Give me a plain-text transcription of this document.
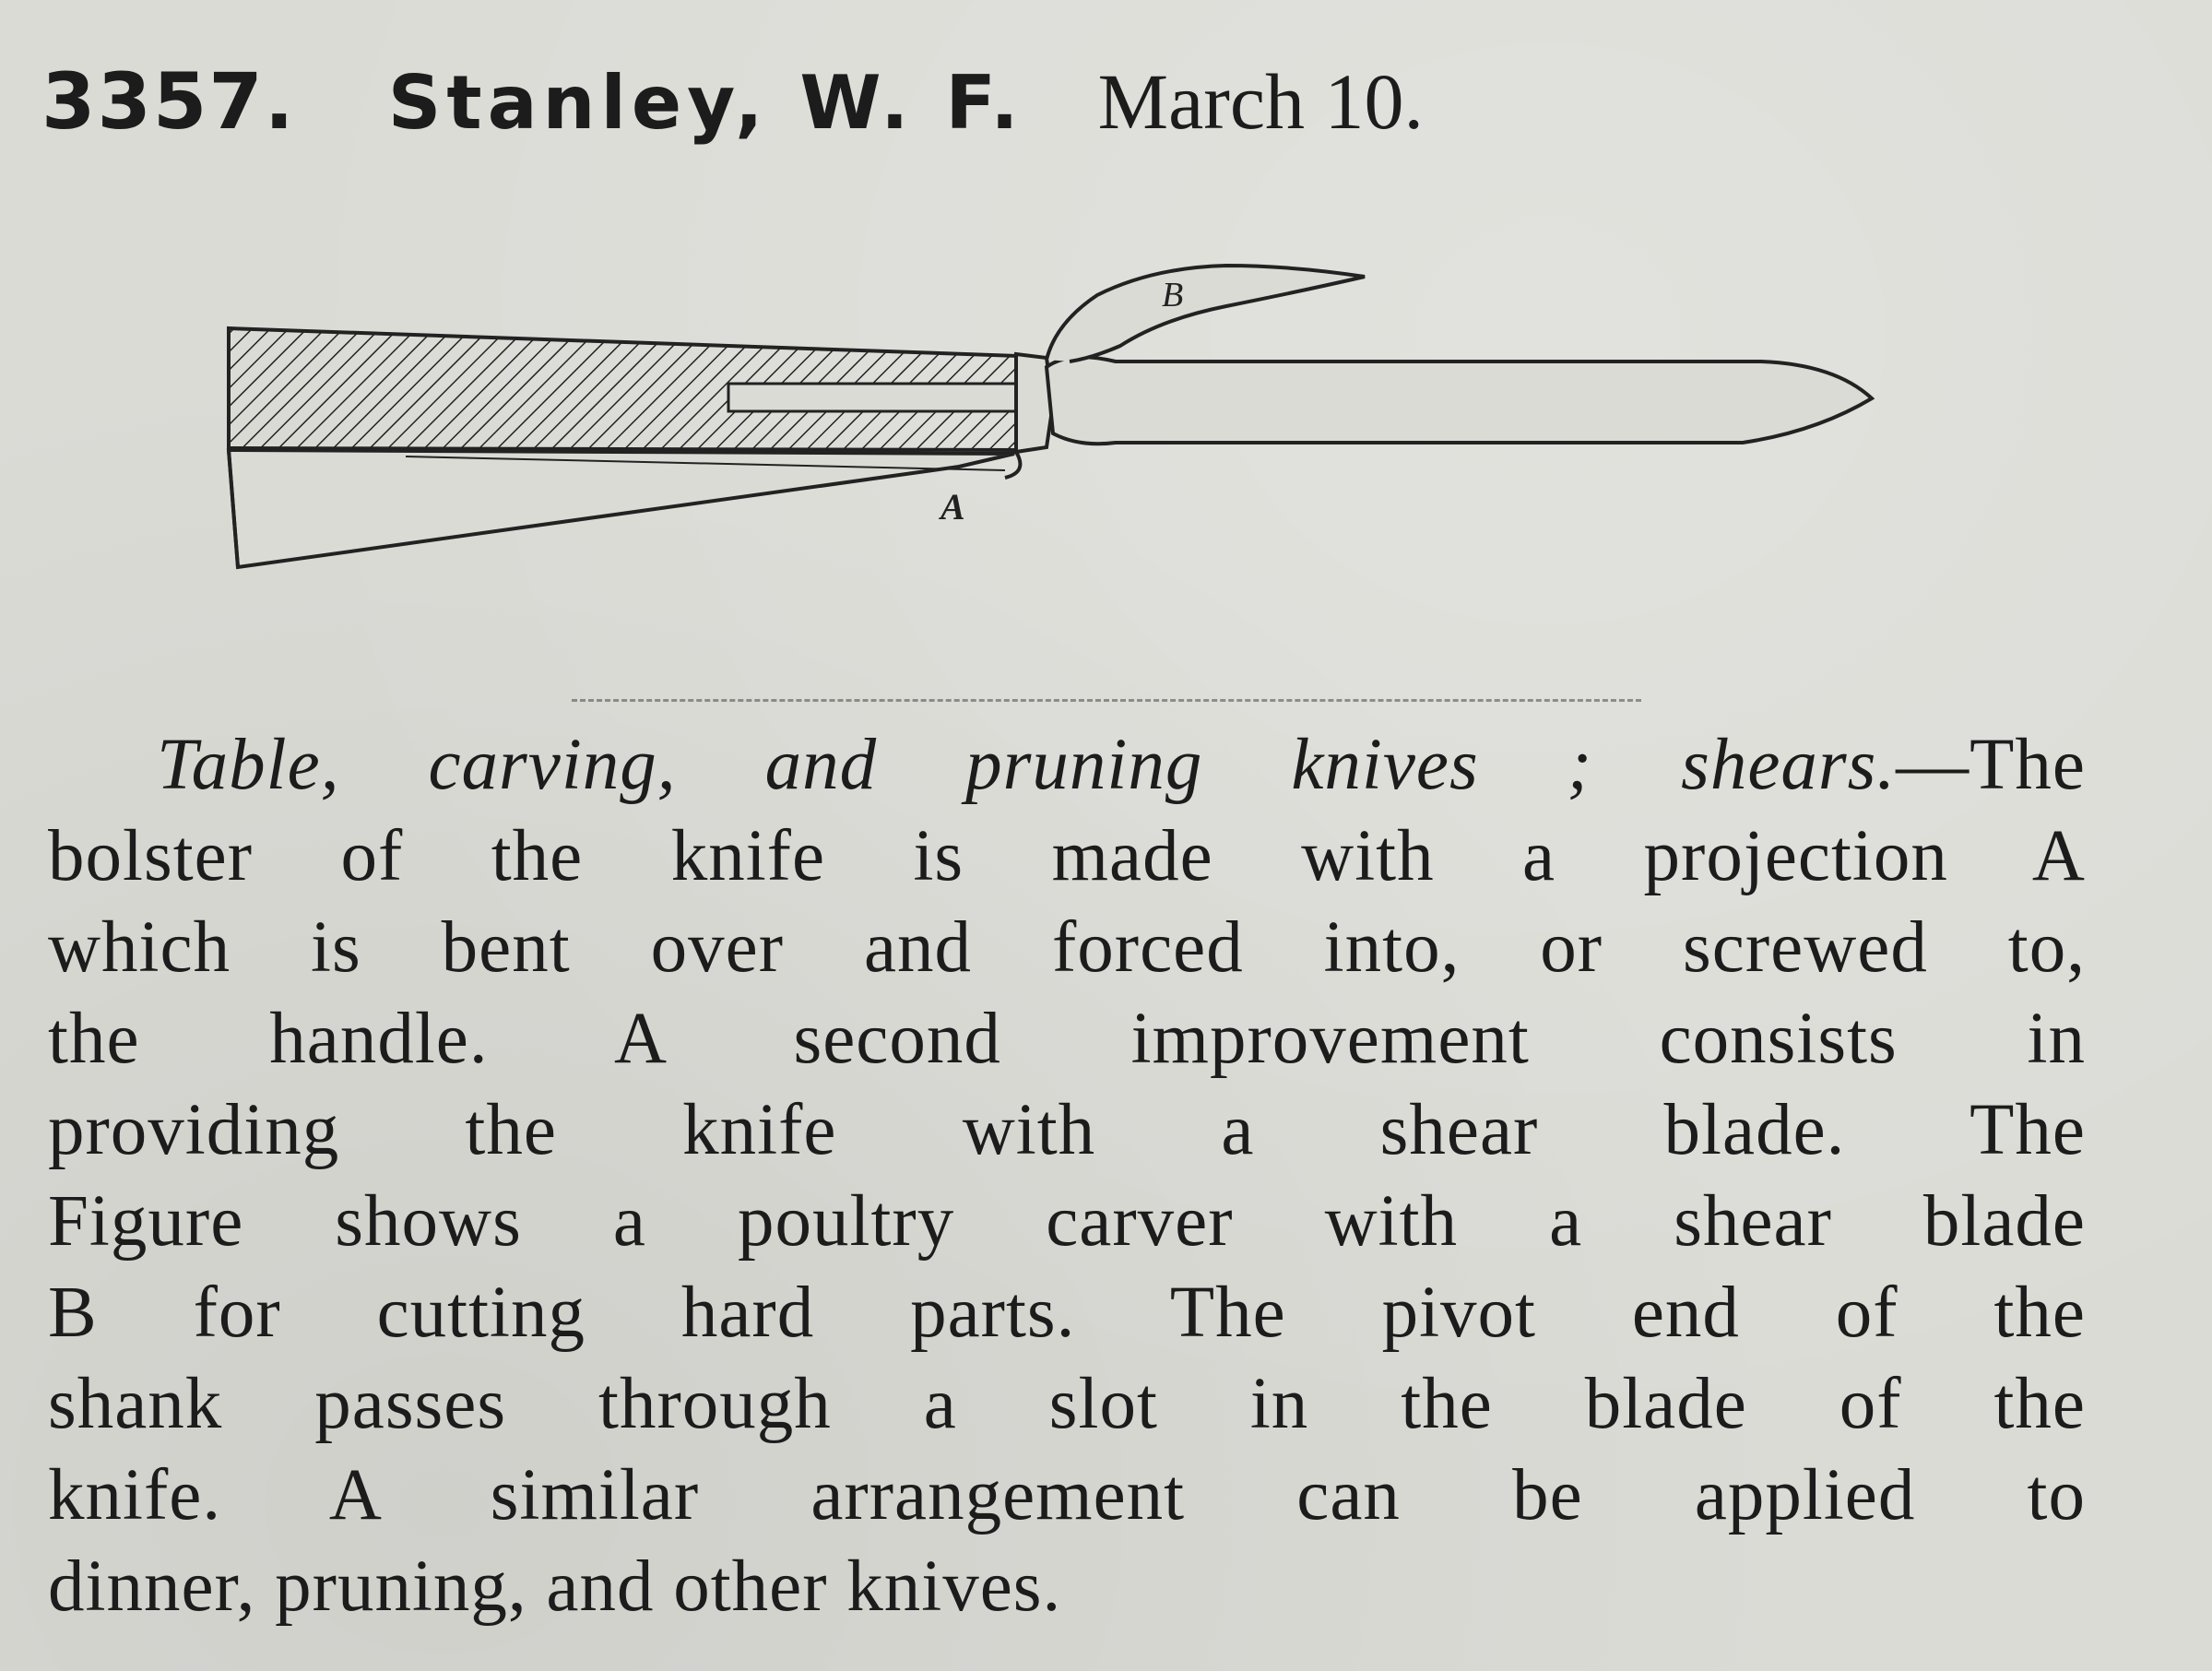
3357. Stanley, W. F. March 10.
B
A
Table, carving, and pruning knives ; shears.—The
bolster of the knife is made with a projection A
which is bent over and forced into, or screwed to,
the handle. A second improvement consists in
providing the knife with a shear blade. The
Figure shows a poultry carver with a shear blade
B for cutting hard parts. The pivot end of the
shank passes through a slot in the blade of the
knife. A similar arrangement can be applied to
dinner, pruning, and other knives.
